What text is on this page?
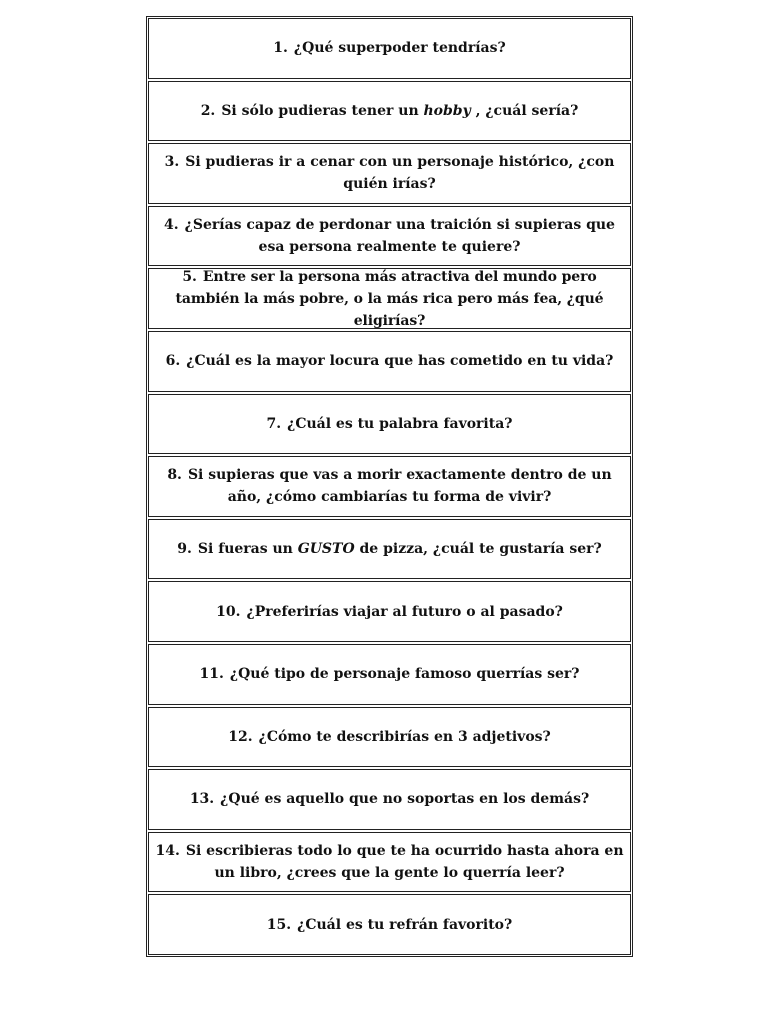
1. ¿Qué superpoder tendrías?
2. Si sólo pudieras tener un hobby , ¿cuál sería?
3. Si pudieras ir a cenar con un personaje histórico, ¿con quién irías?
4. ¿Serías capaz de perdonar una traición si supieras que esa persona realmente te quiere?
5. Entre ser la persona más atractiva del mundo pero también la más pobre, o la más rica pero más fea, ¿qué eligirías?
6. ¿Cuál es la mayor locura que has cometido en tu vida?
7. ¿Cuál es tu palabra favorita?
8. Si supieras que vas a morir exactamente dentro de un año, ¿cómo cambiarías tu forma de vivir?
9. Si fueras un GUSTO de pizza, ¿cuál te gustaría ser?
10. ¿Preferirías viajar al futuro o al pasado?
11. ¿Qué tipo de personaje famoso querrías ser?
12. ¿Cómo te describirías en 3 adjetivos?
13. ¿Qué es aquello que no soportas en los demás?
14. Si escribieras todo lo que te ha ocurrido hasta ahora en un libro, ¿crees que la gente lo querría leer?
15. ¿Cuál es tu refrán favorito?
